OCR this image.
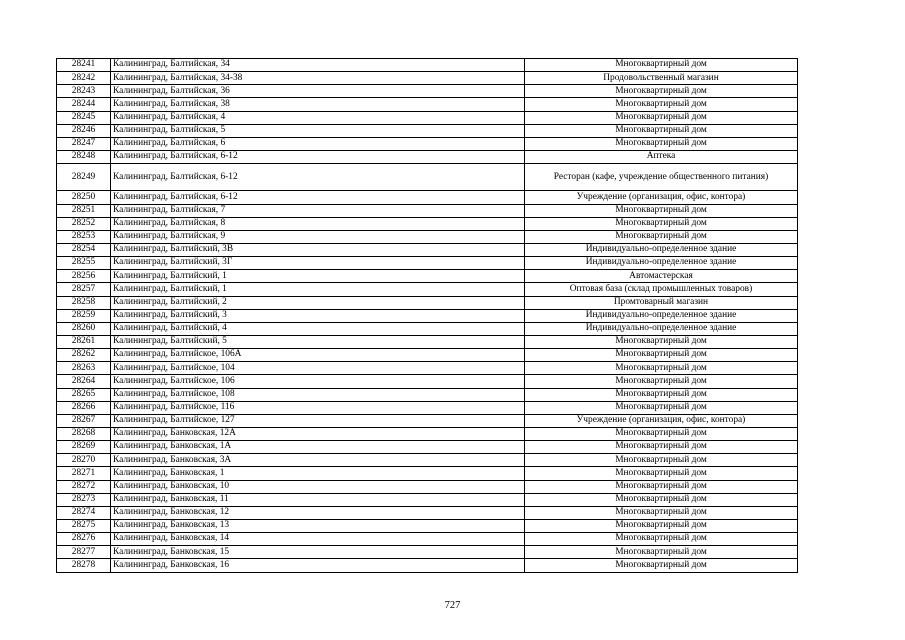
28241	Калининград, Балтийская, 34	Многоквартирный дом
28242	Калининград, Балтийская, 34-38	Продовольственный магазин
28243	Калининград, Балтийская, 36	Многоквартирный дом
28244	Калининград, Балтийская, 38	Многоквартирный дом
28245	Калининград, Балтийская, 4	Многоквартирный дом
28246	Калининград, Балтийская, 5	Многоквартирный дом
28247	Калининград, Балтийская, 6	Многоквартирный дом
28248	Калининград, Балтийская, 6-12	Аптека
28249	Калининград, Балтийская, 6-12	Ресторан (кафе, учреждение общественного питания)
28250	Калининград, Балтийская, 6-12	Учреждение (организация, офис, контора)
28251	Калининград, Балтийская, 7	Многоквартирный дом
28252	Калининград, Балтийская, 8	Многоквартирный дом
28253	Калининград, Балтийская, 9	Многоквартирный дом
28254	Калининград, Балтийский, 3В	Индивидуально-определенное здание
28255	Калининград, Балтийский, 3Г	Индивидуально-определенное здание
28256	Калининград, Балтийский, 1	Автомастерская
28257	Калининград, Балтийский, 1	Оптовая база (склад промышленных товаров)
28258	Калининград, Балтийский, 2	Промтоварный магазин
28259	Калининград, Балтийский, 3	Индивидуально-определенное здание
28260	Калининград, Балтийский, 4	Индивидуально-определенное здание
28261	Калининград, Балтийский, 5	Многоквартирный дом
28262	Калининград, Балтийское, 106А	Многоквартирный дом
28263	Калининград, Балтийское, 104	Многоквартирный дом
28264	Калининград, Балтийское, 106	Многоквартирный дом
28265	Калининград, Балтийское, 108	Многоквартирный дом
28266	Калининград, Балтийское, 116	Многоквартирный дом
28267	Калининград, Балтийское, 127	Учреждение (организация, офис, контора)
28268	Калининград, Банковская, 12А	Многоквартирный дом
28269	Калининград, Банковская, 1А	Многоквартирный дом
28270	Калининград, Банковская, 3А	Многоквартирный дом
28271	Калининград, Банковская, 1	Многоквартирный дом
28272	Калининград, Банковская, 10	Многоквартирный дом
28273	Калининград, Банковская, 11	Многоквартирный дом
28274	Калининград, Банковская, 12	Многоквартирный дом
28275	Калининград, Банковская, 13	Многоквартирный дом
28276	Калининград, Банковская, 14	Многоквартирный дом
28277	Калининград, Банковская, 15	Многоквартирный дом
28278	Калининград, Банковская, 16	Многоквартирный дом
727
